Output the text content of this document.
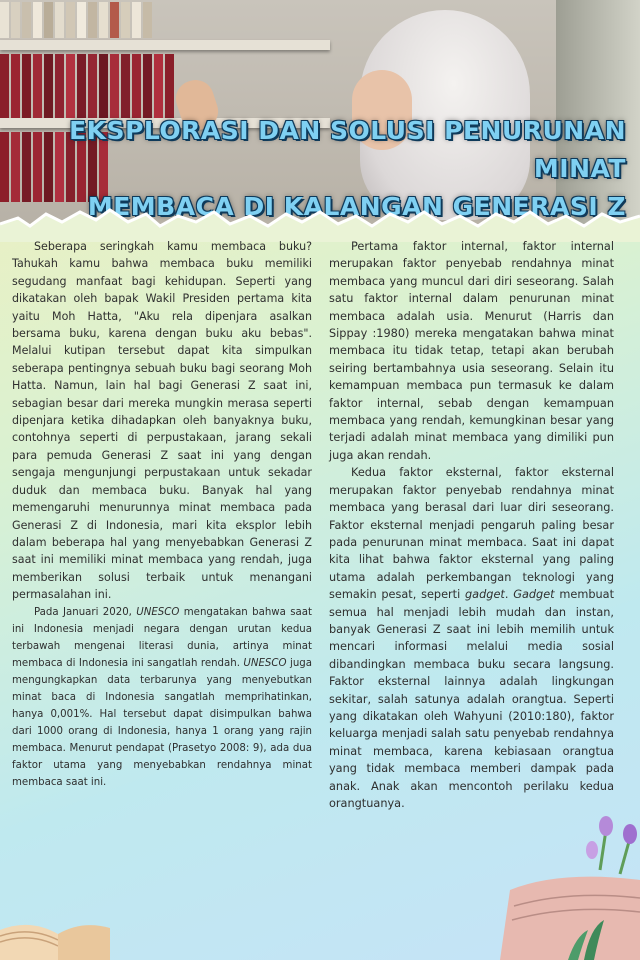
EKSPLORASI DAN SOLUSI PENURUNAN MINAT
MEMBACA DI KALANGAN GENERASI Z

Seberapa seringkah kamu membaca buku? Tahukah kamu bahwa membaca buku memiliki segudang manfaat bagi kehidupan. Seperti yang dikatakan oleh bapak Wakil Presiden pertama kita yaitu Moh Hatta, "Aku rela dipenjara asalkan bersama buku, karena dengan buku aku bebas". Melalui kutipan tersebut dapat kita simpulkan seberapa pentingnya sebuah buku bagi seorang Moh Hatta. Namun, lain hal bagi Generasi Z saat ini, sebagian besar dari mereka mungkin merasa seperti dipenjara ketika dihadapkan oleh banyaknya buku, contohnya seperti di perpustakaan, jarang sekali para pemuda Generasi Z saat ini yang dengan sengaja mengunjungi perpustakaan untuk sekadar duduk dan membaca buku. Banyak hal yang memengaruhi menurunnya minat membaca pada Generasi Z di Indonesia, mari kita eksplor lebih dalam beberapa hal yang menyebabkan Generasi Z saat ini memiliki minat membaca yang rendah, juga memberikan solusi terbaik untuk menangani permasalahan ini.

Pada Januari 2020, UNESCO mengatakan bahwa saat ini Indonesia menjadi negara dengan urutan kedua terbawah mengenai literasi dunia, artinya minat membaca di Indonesia ini sangatlah rendah. UNESCO juga mengungkapkan data terbarunya yang menyebutkan minat baca di Indonesia sangatlah memprihatinkan, hanya 0,001%. Hal tersebut dapat disimpulkan bahwa dari 1000 orang di Indonesia, hanya 1 orang yang rajin membaca. Menurut pendapat (Prasetyo 2008: 9), ada dua faktor utama yang menyebabkan rendahnya minat membaca saat ini.

Pertama faktor internal, faktor internal merupakan faktor penyebab rendahnya minat membaca yang muncul dari diri seseorang. Salah satu faktor internal dalam penurunan minat membaca adalah usia. Menurut (Harris dan Sippay :1980) mereka mengatakan bahwa minat membaca itu tidak tetap, tetapi akan berubah seiring bertambahnya usia seseorang. Selain itu kemampuan membaca pun termasuk ke dalam faktor internal, sebab dengan kemampuan membaca yang rendah, kemungkinan besar yang terjadi adalah minat membaca yang dimiliki pun juga akan rendah.

Kedua faktor eksternal, faktor eksternal merupakan faktor penyebab rendahnya minat membaca yang berasal dari luar diri seseorang. Faktor eksternal menjadi pengaruh paling besar pada penurunan minat membaca. Saat ini dapat kita lihat bahwa faktor eksternal yang paling utama adalah perkembangan teknologi yang semakin pesat, seperti gadget. Gadget membuat semua hal menjadi lebih mudah dan instan, banyak Generasi Z saat ini lebih memilih untuk mencari informasi melalui media sosial dibandingkan membaca buku secara langsung. Faktor eksternal lainnya adalah lingkungan sekitar, salah satunya adalah orangtua. Seperti yang dikatakan oleh Wahyuni (2010:180), faktor keluarga menjadi salah satu penyebab rendahnya minat membaca, karena kebiasaan orangtua yang tidak membaca memberi dampak pada anak. Anak akan mencontoh perilaku kedua orangtuanya.
